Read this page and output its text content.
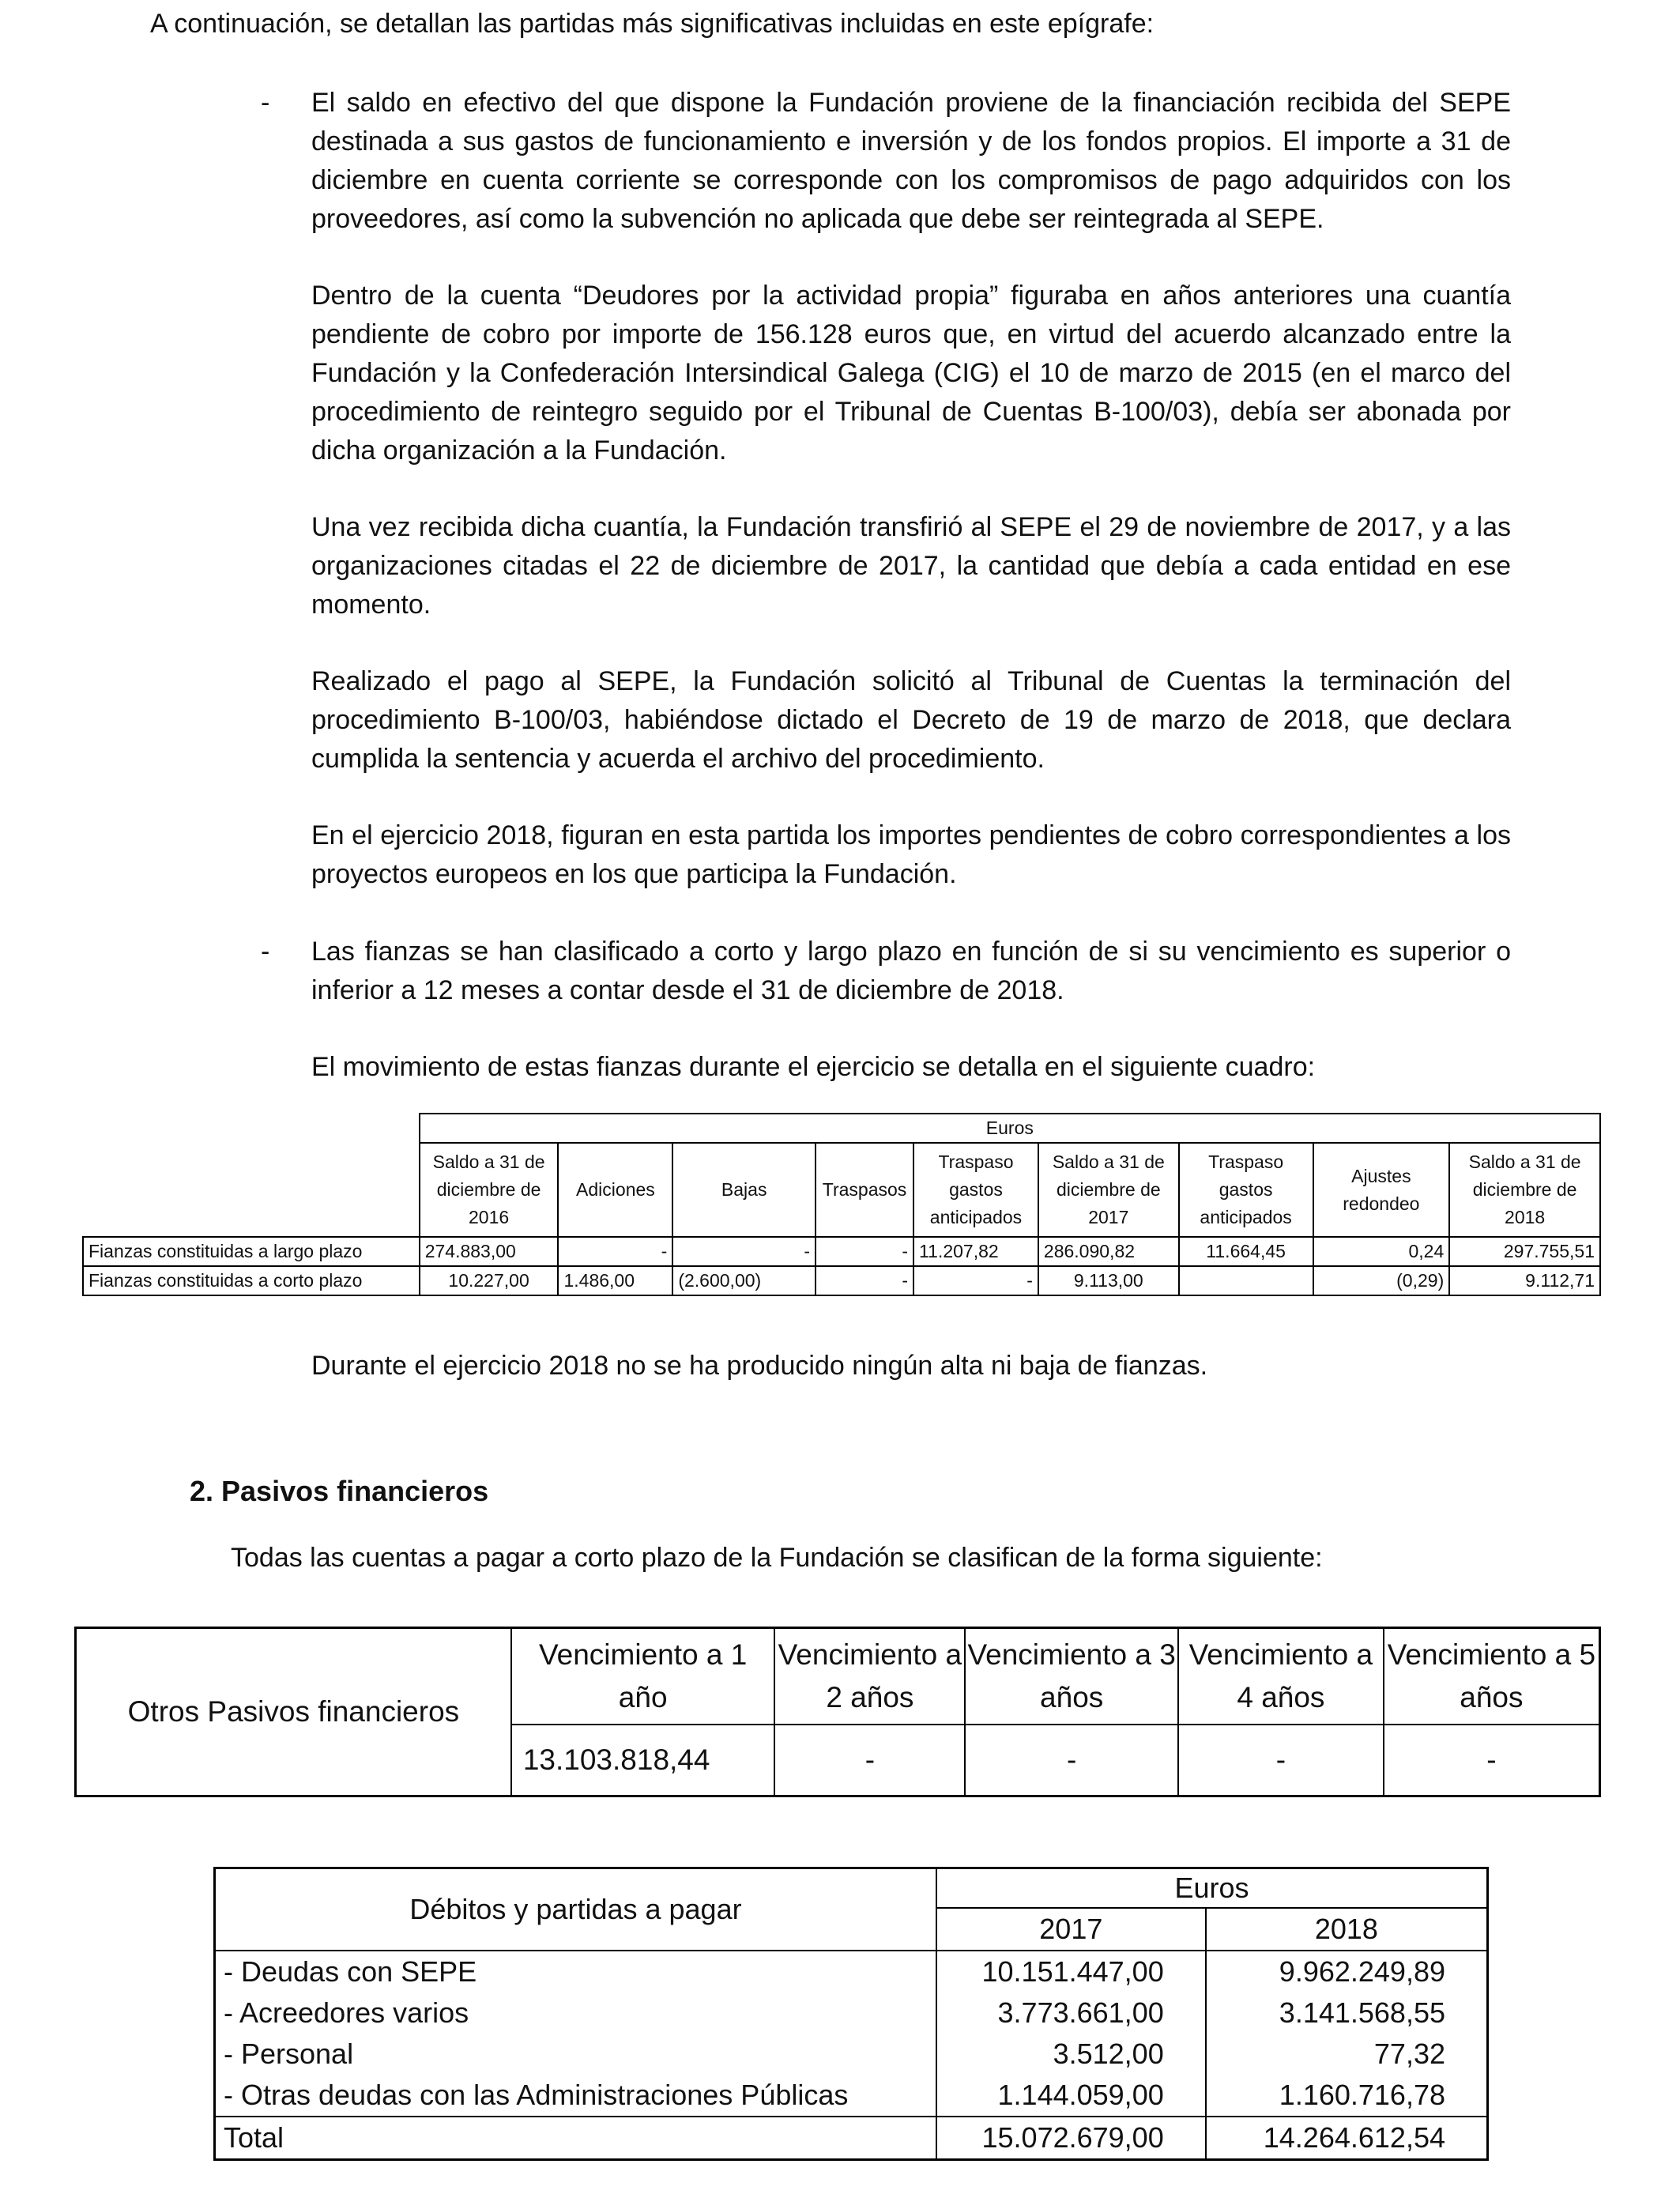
A continuación, se detallan las partidas más significativas incluidas en este epígrafe:

- El saldo en efectivo del que dispone la Fundación proviene de la financiación recibida del SEPE destinada a sus gastos de funcionamiento e inversión y de los fondos propios. El importe a 31 de diciembre en cuenta corriente se corresponde con los compromisos de pago adquiridos con los proveedores, así como la subvención no aplicada que debe ser reintegrada al SEPE.

Dentro de la cuenta “Deudores por la actividad propia” figuraba en años anteriores una cuantía pendiente de cobro por importe de 156.128 euros que, en virtud del acuerdo alcanzado entre la Fundación y la Confederación Intersindical Galega (CIG) el 10 de marzo de 2015 (en el marco del procedimiento de reintegro seguido por el Tribunal de Cuentas B-100/03), debía ser abonada por dicha organización a la Fundación.

Una vez recibida dicha cuantía, la Fundación transfirió al SEPE el 29 de noviembre de 2017, y a las organizaciones citadas el 22 de diciembre de 2017, la cantidad que debía a cada entidad en ese momento.

Realizado el pago al SEPE, la Fundación solicitó al Tribunal de Cuentas la terminación del procedimiento B-100/03, habiéndose dictado el Decreto de 19 de marzo de 2018, que declara cumplida la sentencia y acuerda el archivo del procedimiento.

En el ejercicio 2018, figuran en esta partida los importes pendientes de cobro correspondientes a los proyectos europeos en los que participa la Fundación.

- Las fianzas se han clasificado a corto y largo plazo en función de si su vencimiento es superior o inferior a 12 meses a contar desde el 31 de diciembre de 2018.

El movimiento de estas fianzas durante el ejercicio se detalla en el siguiente cuadro:

	Euros								
	Saldo a 31 de diciembre de 2016	Adiciones	Bajas	Traspasos	Traspaso gastos anticipados	Saldo a 31 de diciembre de 2017	Traspaso gastos anticipados	Ajustes redondeo	Saldo a 31 de diciembre de 2018
Fianzas constituidas a largo plazo	274.883,00	-	-	-	11.207,82	286.090,82	11.664,45	0,24	297.755,51
Fianzas constituidas a corto plazo	10.227,00	1.486,00	(2.600,00)	-	-	9.113,00		(0,29)	9.112,71

Durante el ejercicio 2018 no se ha producido ningún alta ni baja de fianzas.

2. Pasivos financieros

Todas las cuentas a pagar a corto plazo de la Fundación se clasifican de la forma siguiente:

Otros Pasivos financieros	Vencimiento a 1 año	Vencimiento a 2 años	Vencimiento a 3 años	Vencimiento a 4 años	Vencimiento a 5 años
	13.103.818,44	-	-	-	-
Débitos y partidas a pagar	Euros	
	2017	2018
- Deudas con SEPE	10.151.447,00	9.962.249,89
- Acreedores varios	3.773.661,00	3.141.568,55
- Personal	3.512,00	77,32
- Otras deudas con las Administraciones Públicas	1.144.059,00	1.160.716,78
Total	15.072.679,00	14.264.612,54
